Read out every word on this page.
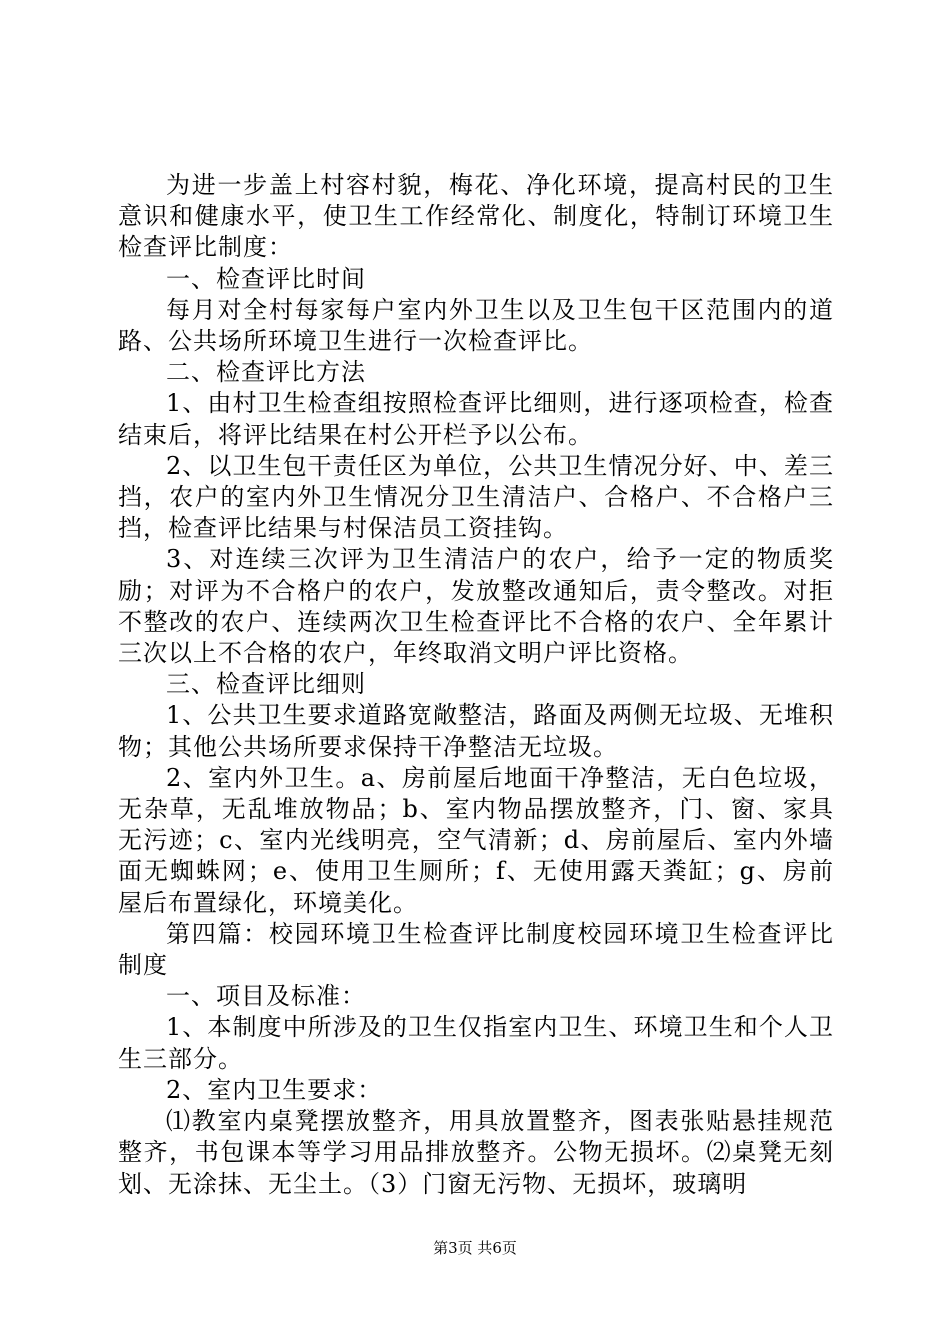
为进一步盖上村容村貌，梅花、净化环境，提高村民的卫生意识和健康水平，使卫生工作经常化、制度化，特制订环境卫生检查评比制度：

一、检查评比时间

每月对全村每家每户室内外卫生以及卫生包干区范围内的道路、公共场所环境卫生进行一次检查评比。

二、检查评比方法

1、由村卫生检查组按照检查评比细则，进行逐项检查，检查结束后，将评比结果在村公开栏予以公布。

2、以卫生包干责任区为单位，公共卫生情况分好、中、差三挡，农户的室内外卫生情况分卫生清洁户、合格户、不合格户三挡，检查评比结果与村保洁员工资挂钩。

3、对连续三次评为卫生清洁户的农户，给予一定的物质奖励；对评为不合格户的农户，发放整改通知后，责令整改。对拒不整改的农户、连续两次卫生检查评比不合格的农户、全年累计三次以上不合格的农户，年终取消文明户评比资格。

三、检查评比细则

1、公共卫生要求道路宽敞整洁，路面及两侧无垃圾、无堆积物；其他公共场所要求保持干净整洁无垃圾。

2、室内外卫生。a、房前屋后地面干净整洁，无白色垃圾，无杂草，无乱堆放物品；b、室内物品摆放整齐，门、窗、家具无污迹；c、室内光线明亮，空气清新；d、房前屋后、室内外墙面无蜘蛛网；e、使用卫生厕所；f、无使用露天粪缸；g、房前屋后布置绿化，环境美化。

第四篇：校园环境卫生检查评比制度校园环境卫生检查评比制度

一、项目及标准：

1、本制度中所涉及的卫生仅指室内卫生、环境卫生和个人卫生三部分。

2、室内卫生要求：

⑴教室内桌凳摆放整齐，用具放置整齐，图表张贴悬挂规范整齐，书包课本等学习用品排放整齐。公物无损坏。⑵桌凳无刻划、无涂抹、无尘土。（3）门窗无污物、无损坏，玻璃明

第3页 共6页
